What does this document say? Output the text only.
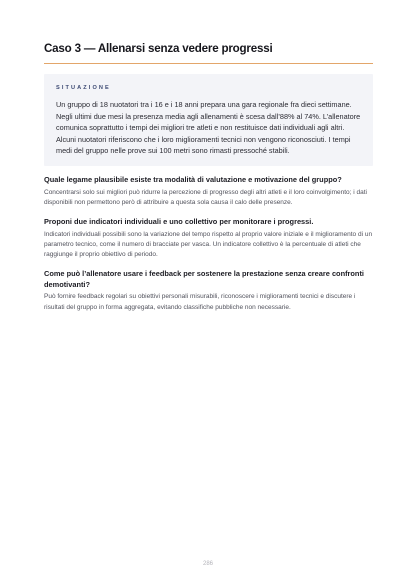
Caso 3 — Allenarsi senza vedere progressi
SITUAZIONE
Un gruppo di 18 nuotatori tra i 16 e i 18 anni prepara una gara regionale fra dieci settimane. Negli ultimi due mesi la presenza media agli allenamenti è scesa dall’88% al 74%. L’allenatore comunica soprattutto i tempi dei migliori tre atleti e non restituisce dati individuali agli altri. Alcuni nuotatori riferiscono che i loro miglioramenti tecnici non vengono riconosciuti. I tempi medi del gruppo nelle prove sui 100 metri sono rimasti pressoché stabili.
Quale legame plausibile esiste tra modalità di valutazione e motivazione del gruppo?
Concentrarsi solo sui migliori può ridurre la percezione di progresso degli altri atleti e il loro coinvolgimento; i dati disponibili non permettono però di attribuire a questa sola causa il calo delle presenze.
Proponi due indicatori individuali e uno collettivo per monitorare i progressi.
Indicatori individuali possibili sono la variazione del tempo rispetto al proprio valore iniziale e il miglioramento di un parametro tecnico, come il numero di bracciate per vasca. Un indicatore collettivo è la percentuale di atleti che raggiunge il proprio obiettivo di periodo.
Come può l’allenatore usare i feedback per sostenere la prestazione senza creare confronti demotivanti?
Può fornire feedback regolari su obiettivi personali misurabili, riconoscere i miglioramenti tecnici e discutere i risultati del gruppo in forma aggregata, evitando classifiche pubbliche non necessarie.
286
